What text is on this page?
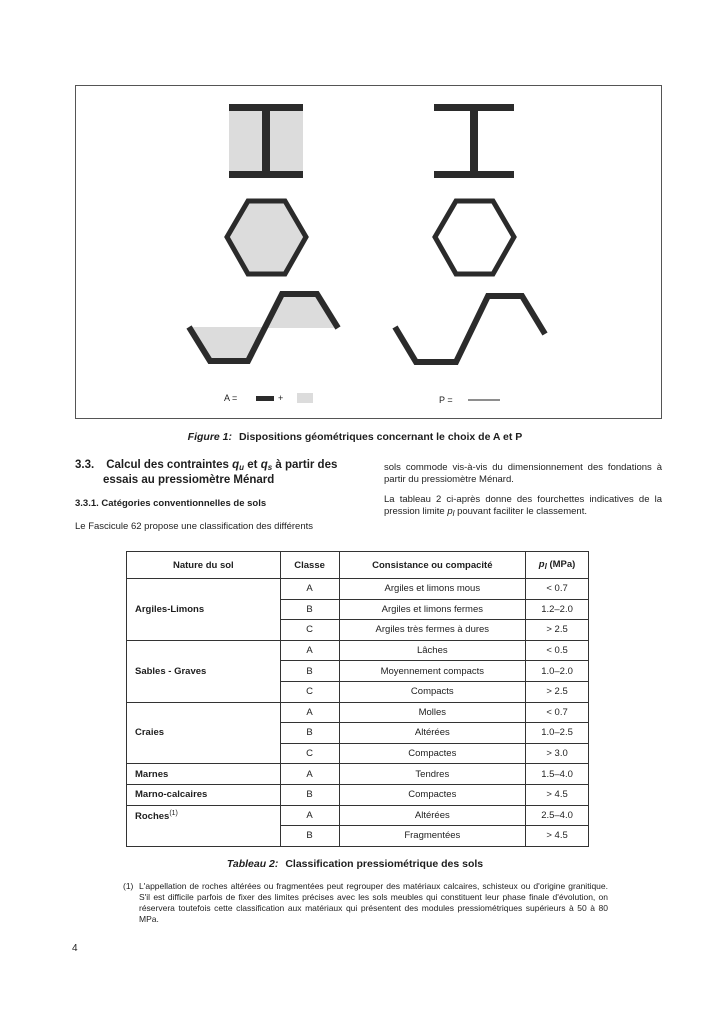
A =	+	P =
Figure 1: Dispositions géométriques concernant le choix de A et P
3.3. Calcul des contraintes $q_u$ et $q_s$ à partir des
essais au pressiomètre Ménard
3.3.1. Catégories conventionnelles de sols
Le Fascicule 62 propose une classification des différents

sols commode vis-à-vis du dimensionnement des fondations à partir du pressiomètre Ménard.

La tableau 2 ci-après donne des fourchettes indicatives de la pression limite $p_l$ pouvant faciliter le classement.

Nature du sol	Classe	Consistance ou compacité	$p_l$ (MPa)
	A	Argiles et limons mous	< 0.7
Argiles-Limons	B	Argiles et limons fermes	1.2–2.0
	C	Argiles très fermes à dures	> 2.5
	A	Lâches	< 0.5
Sables - Graves	B	Moyennement compacts	1.0–2.0
	C	Compacts	> 2.5
	A	Molles	< 0.7
Craies	B	Altérées	1.0–2.5
	C	Compactes	> 3.0
Marnes	A	Tendres	1.5–4.0
Marno-calcaires	B	Compactes	> 4.5
Roches$^{(1)}$	A	Altérées	2.5–4.0
	B	Fragmentées	> 4.5
Tableau 2: Classification pressiométrique des sols
(1) L'appellation de roches altérées ou fragmentées peut regrouper des matériaux calcaires, schisteux ou d'origine granitique. S'il est difficile parfois de fixer des limites précises avec les sols meubles qui constituent leur phase finale d'évolution, on réservera toutefois cette classification aux matériaux qui présentent des modules pressiométriques supérieurs à 50 à 80 MPa.
4
